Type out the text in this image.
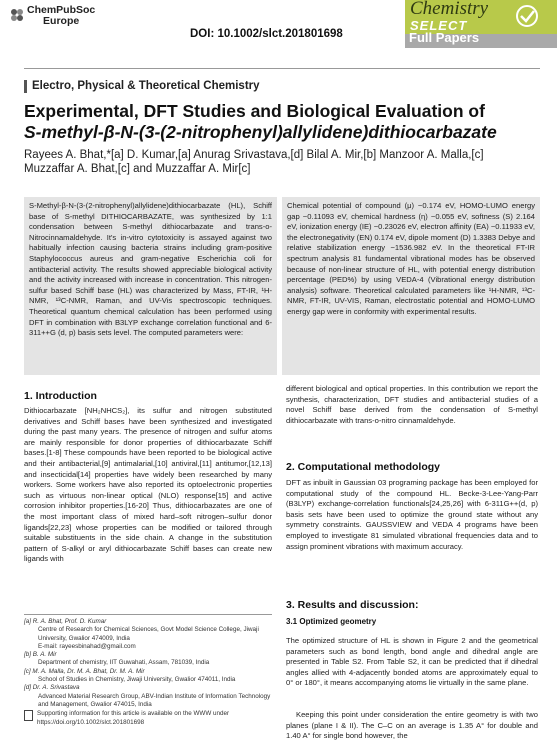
ChemPubSoc
Europe
DOI: 10.1002/slct.201801698
Chemistry
SELECT
Full Papers
Electro, Physical & Theoretical Chemistry
Experimental, DFT Studies and Biological Evaluation of
S-methyl-β-N-(3-(2-nitrophenyl)allylidene)dithiocarbazate
Rayees A. Bhat,*[a] D. Kumar,[a] Anurag Srivastava,[d] Bilal A. Mir,[b] Manzoor A. Malla,[c]
Muzzaffar A. Bhat,[c] and Muzzaffar A. Mir[c]
S-Methyl-β-N-(3-(2-nitrophenyl)allylidene)dithiocarbazate (HL), Schiff base of S-methyl DITHIOCARBAZATE, was synthesized by 1:1 condensation between S-methyl dithiocarbazate and trans-o-Nitrocinnamaldehyde. It's in-vitro cytotoxicity is assayed against two habitually infection causing bacteria strains including gram-positive Staphylococcus aureus and gram-negative Escherichia coli for antibacterial activity. The results showed appreciable biological activity and the activity increased with increase in concentration. This nitrogen-sulfur based Schiff base (HL) was characterized by Mass, FT-IR, ¹H-NMR, ¹³C-NMR, Raman, and UV-Vis spectroscopic techniques. Theoretical quantum chemical calculation has been performed using DFT in combination with B3LYP exchange correlation functional and 6-311++G (d, p) basis sets level. The computed parameters were:
Chemical potential of compound (μ) −0.174 eV, HOMO-LUMO energy gap −0.11093 eV, chemical hardness (η) −0.055 eV, softness (S) 2.164 eV, ionization energy (IE) −0.23026 eV, electron affinity (EA) −0.11933 eV, the electronegativity (EN) 0.174 eV, dipole moment (D) 1.3383 Debye and relative stabilization energy −1536.982 eV. In the theoretical FT-IR spectrum analysis 81 fundamental vibrational modes has be observed because of non-linear structure of HL, with potential energy distribution percentage (PED%) by using VEDA-4 (Vibrational energy distribution analysis) software. Theoretical calculated parameters like ¹H-NMR, ¹³C-NMR, FT-IR, UV-VIS, Raman, electrostatic potential and HOMO-LUMO energy gap were in conformity with experimental results.
1. Introduction
Dithiocarbazate [NH₂NHCS₂], its sulfur and nitrogen substituted derivatives and Schiff bases have been synthesized and investigated during the past many years. The presence of nitrogen and sulfur atoms are mainly responsible for donor properties of dithiocarbazate Schiff bases.[1-8] These compounds have been reported to be biological active and their antibacterial,[9] antimalarial,[10] antiviral,[11] antitumor,[12,13] and insecticidal[14] properties have widely been researched by many workers. Some workers have also reported its optoelectronic properties such as virtuous non-linear optical (NLO) response[15] and active corrosion inhibitor properties.[16-20] Thus, dithiocarbazates are one of the most important class of mixed hard–soft nitrogen–sulfur donor ligands[22,23] whose properties can be modified or tailored through suitable substituents in the side chain. A change in the substitution pattern of S-alkyl or aryl dithiocarbazate Schiff bases can create new ligands with
[a] R. A. Bhat, Prof. D. Kumar
Centre of Research for Chemical Sciences, Govt Model Science College, Jiwaji University, Gwalior 474009, India
E-mail: rayeesbinahad@gmail.com
[b] B. A. Mir
Department of chemistry, IIT Guwahati, Assam, 781039, India
[c] M. A. Malla, Dr. M. A. Bhat, Dr. M. A. Mir
School of Studies in Chemistry, Jiwaji University, Gwalior 474011, India
[d] Dr. A. Srivastava
Advanced Material Research Group, ABV-Indian Institute of Information Technology and Management, Gwalior 474015, India
Supporting information for this article is available on the WWW under https://doi.org/10.1002/slct.201801698
different biological and optical properties. In this contribution we report the synthesis, characterization, DFT studies and antibacterial studies of a novel Schiff base derived from the condensation of S-methyl dithiocarbazate with trans-o-nitro cinnamaldehyde.
2. Computational methodology
DFT as inbuilt in Gaussian 03 programing package has been employed for computational study of the compound HL. Becke-3-Lee-Yang-Parr (B3LYP) exchange-correlation functionals[24,25,26] with 6-311G++(d, p) basis sets have been used to optimize the ground state without any symmetry constraints. GAUSSVIEW and VEDA 4 programs have been employed to investigate 81 simulated vibrational frequencies data and to assign prominent vibrations with maximum accuracy.
3. Results and discussion:
3.1 Optimized geometry
The optimized structure of HL is shown in Figure 2 and the geometrical parameters such as bond length, bond angle and dihedral angle are presented in Table S2. From Table S2, it can be predicted that if dihedral angles allied with 4-adjacently bonded atoms are approximately equal to 0° or 180°, it means accompanying atoms lie virtually in the same plane.
Keeping this point under consideration the entire geometry is with two planes (plane I & II). The C–C on an average is 1.35 A° for double and 1.40 A° for single bond however, the
